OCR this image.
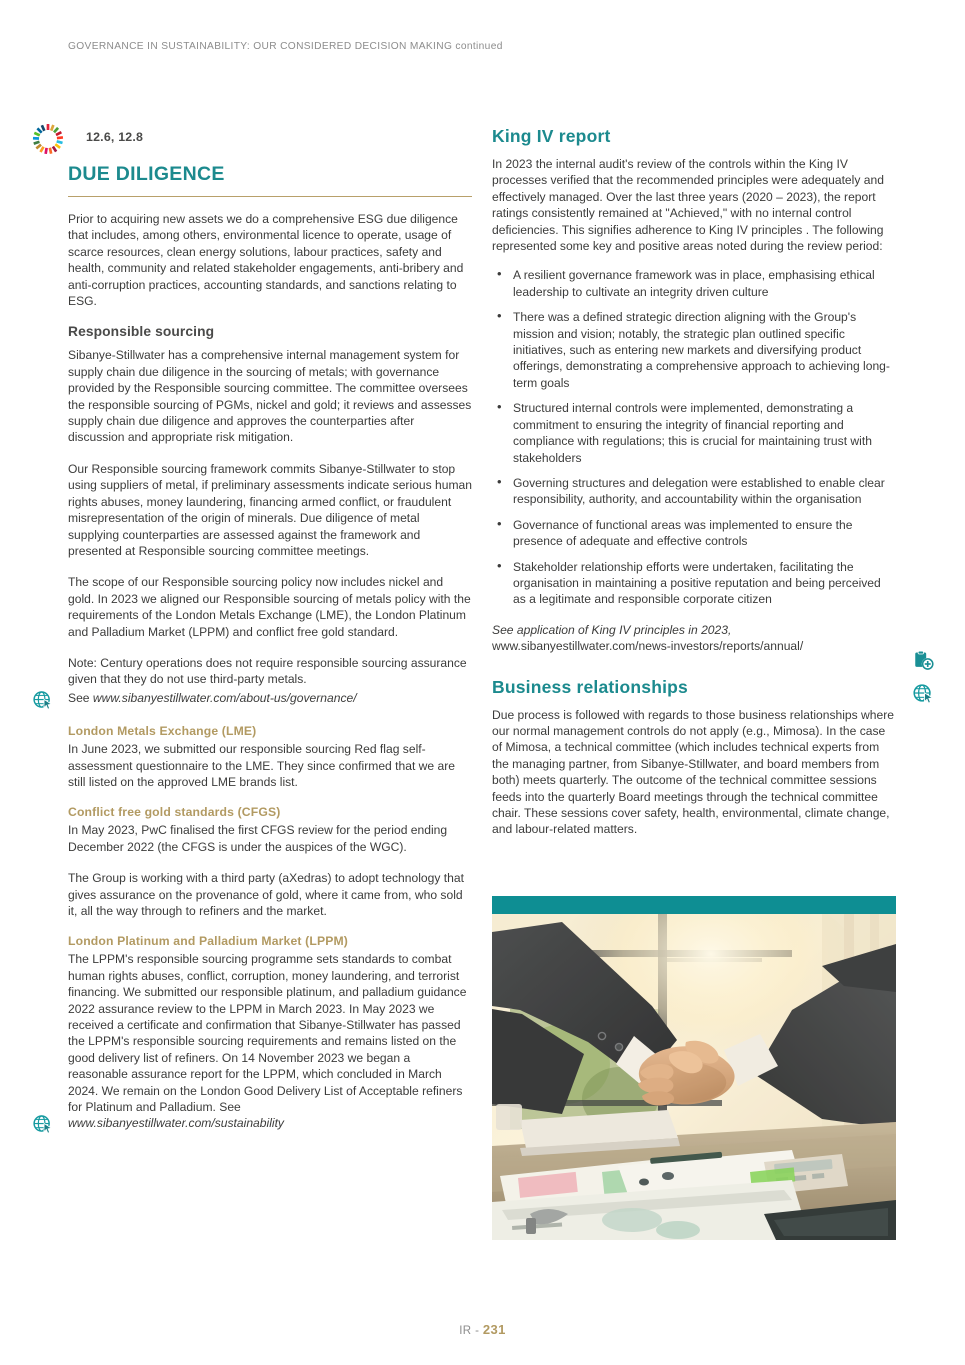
GOVERNANCE IN SUSTAINABILITY: OUR CONSIDERED DECISION MAKING continued
12.6, 12.8
DUE DILIGENCE

Prior to acquiring new assets we do a comprehensive ESG due diligence that includes, among others, environmental licence to operate, usage of scarce resources, clean energy solutions, labour practices, safety and health, community and related stakeholder engagements, anti-bribery and anti-corruption practices, accounting standards, and sanctions relating to ESG.

Responsible sourcing

Sibanye-Stillwater has a comprehensive internal management system for supply chain due diligence in the sourcing of metals; with governance provided by the Responsible sourcing committee. The committee oversees the responsible sourcing of PGMs, nickel and gold; it reviews and assesses supply chain due diligence and approves the counterparties after discussion and appropriate risk mitigation.

Our Responsible sourcing framework commits Sibanye-Stillwater to stop using suppliers of metal, if preliminary assessments indicate serious human rights abuses, money laundering, financing armed conflict, or fraudulent misrepresentation of the origin of minerals. Due diligence of metal supplying counterparties are assessed against the framework and presented at Responsible sourcing committee meetings.

The scope of our Responsible sourcing policy now includes nickel and gold. In 2023 we aligned our Responsible sourcing of metals policy with the requirements of the London Metals Exchange (LME), the London Platinum and Palladium Market (LPPM) and conflict free gold standard.

Note: Century operations does not require responsible sourcing assurance given that they do not use third-party metals.

See www.sibanyestillwater.com/about-us/governance/
London Metals Exchange (LME)

In June 2023, we submitted our responsible sourcing Red flag self-assessment questionnaire to the LME. They since confirmed that we are still listed on the approved LME brands list.

Conflict free gold standards (CFGS)

In May 2023, PwC finalised the first CFGS review for the period ending December 2022 (the CFGS is under the auspices of the WGC).

The Group is working with a third party (aXedras) to adopt technology that gives assurance on the provenance of gold, where it came from, who sold it, all the way through to refiners and the market.

London Platinum and Palladium Market (LPPM)

The LPPM's responsible sourcing programme sets standards to combat human rights abuses, conflict, corruption, money laundering, and terrorist financing. We submitted our responsible platinum, and palladium guidance 2022 assurance review to the LPPM in March 2023. In May 2023 we received a certificate and confirmation that Sibanye-Stillwater has passed the LPPM's responsible sourcing requirements and remains listed on the good delivery list of refiners. On 14 November 2023 we began a reasonable assurance report for the LPPM, which concluded in March 2024. We remain on the London Good Delivery List of Acceptable refiners for Platinum and Palladium. See

www.sibanyestillwater.com/sustainability
King IV report

In 2023 the internal audit's review of the controls within the King IV processes verified that the recommended principles were adequately and effectively managed. Over the last three years (2020 – 2023), the report ratings consistently remained at "Achieved," with no internal control deficiencies. This signifies adherence to King IV principles . The following represented some key and positive areas noted during the review period:

• A resilient governance framework was in place, emphasising ethical leadership to cultivate an integrity driven culture
• There was a defined strategic direction aligning with the Group's mission and vision; notably, the strategic plan outlined specific initiatives, such as entering new markets and diversifying product offerings, demonstrating a comprehensive approach to achieving long-term goals
• Structured internal controls were implemented, demonstrating a commitment to ensuring the integrity of financial reporting and compliance with regulations; this is crucial for maintaining trust with stakeholders
• Governing structures and delegation were established to enable clear responsibility, authority, and accountability within the organisation
• Governance of functional areas was implemented to ensure the presence of adequate and effective controls
• Stakeholder relationship efforts were undertaken, facilitating the organisation in maintaining a positive reputation and being perceived as a legitimate and responsible corporate citizen
See application of King IV principles in 2023,
www.sibanyestillwater.com/news-investors/reports/annual/
Business relationships

Due process is followed with regards to those business relationships where our normal management controls do not apply (e.g., Mimosa). In the case of Mimosa, a technical committee (which includes technical experts from the managing partner, from Sibanye-Stillwater, and board members from both) meets quarterly. The outcome of the technical committee sessions feeds into the quarterly Board meetings through the technical committee chair. These sessions cover safety, health, environmental, climate change, and labour-related matters.

IR - 231
